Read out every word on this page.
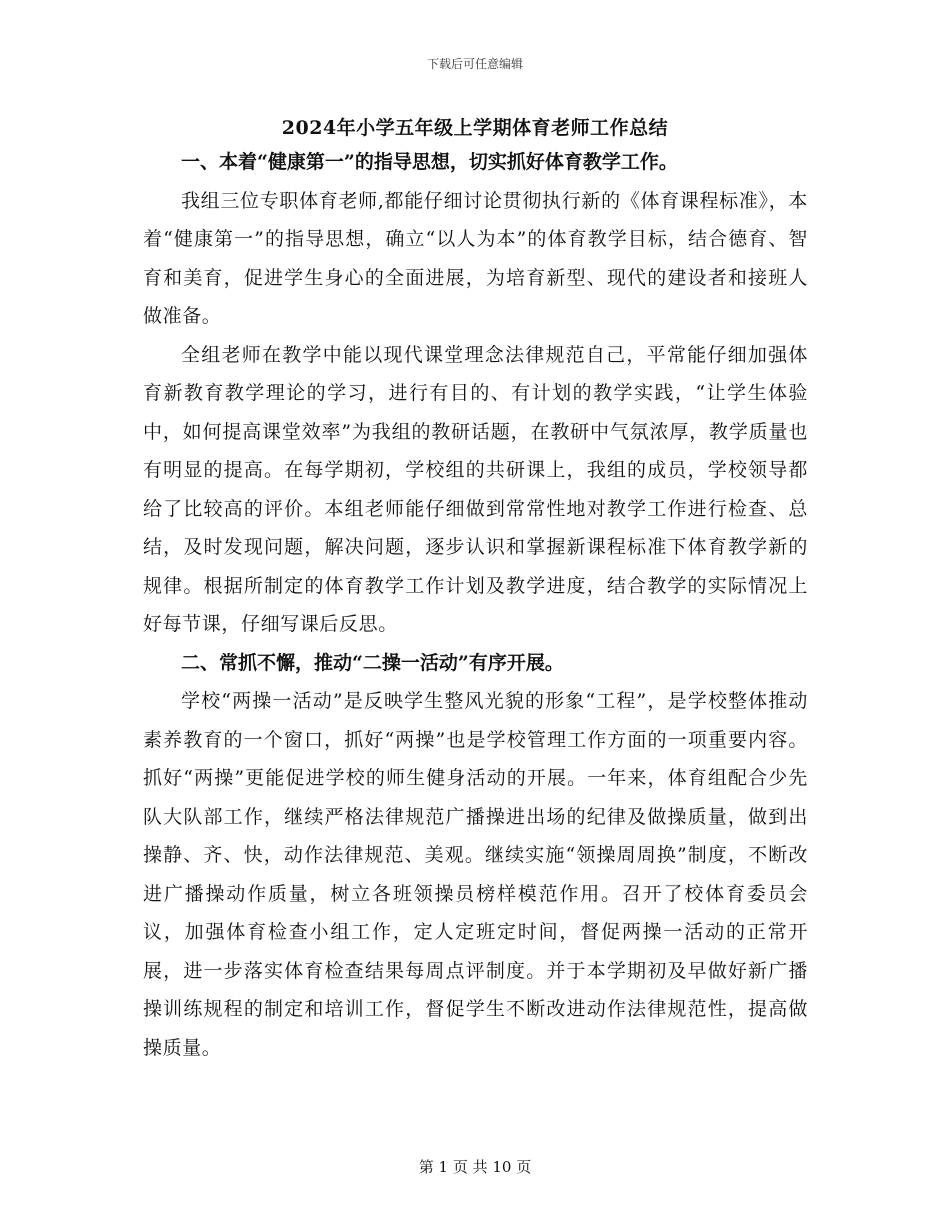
下载后可任意编辑
2024年小学五年级上学期体育老师工作总结

一、本着“健康第一”的指导思想，切实抓好体育教学工作。

我组三位专职体育老师,都能仔细讨论贯彻执行新的《体育课程标准》，本着“健康第一”的指导思想，确立“以人为本”的体育教学目标，结合德育、智育和美育，促进学生身心的全面进展，为培育新型、现代的建设者和接班人做准备。

全组老师在教学中能以现代课堂理念法律规范自己，平常能仔细加强体育新教育教学理论的学习，进行有目的、有计划的教学实践，“让学生体验中，如何提高课堂效率”为我组的教研话题，在教研中气氛浓厚，教学质量也有明显的提高。在每学期初，学校组的共研课上，我组的成员，学校领导都给了比较高的评价。本组老师能仔细做到常常性地对教学工作进行检查、总结，及时发现问题，解决问题，逐步认识和掌握新课程标准下体育教学新的规律。根据所制定的体育教学工作计划及教学进度，结合教学的实际情况上好每节课，仔细写课后反思。

二、常抓不懈，推动“二操一活动”有序开展。

学校“两操一活动”是反映学生整风光貌的形象“工程”，是学校整体推动素养教育的一个窗口，抓好“两操”也是学校管理工作方面的一项重要内容。抓好“两操”更能促进学校的师生健身活动的开展。一年来，体育组配合少先队大队部工作，继续严格法律规范广播操进出场的纪律及做操质量，做到出操静、齐、快，动作法律规范、美观。继续实施“领操周周换”制度，不断改进广播操动作质量，树立各班领操员榜样模范作用。召开了校体育委员会议，加强体育检查小组工作，定人定班定时间，督促两操一活动的正常开展，进一步落实体育检查结果每周点评制度。并于本学期初及早做好新广播操训练规程的制定和培训工作，督促学生不断改进动作法律规范性，提高做操质量。

第 1 页 共 10 页
